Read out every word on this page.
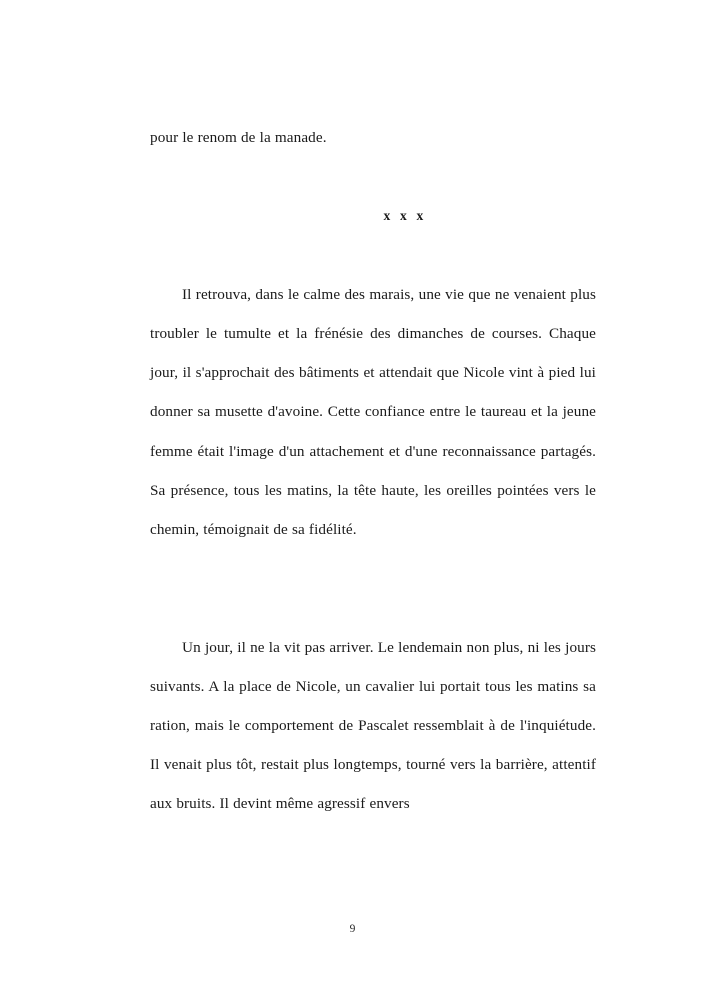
pour le renom de la manade.

x x x

Il retrouva, dans le calme des marais, une vie que ne venaient plus troubler le tumulte et la frénésie des dimanches de courses. Chaque jour, il s'approchait des bâtiments et attendait que Nicole vint à pied lui donner sa musette d'avoine. Cette confiance entre le taureau et la jeune femme était l'image d'un attachement et d'une reconnaissance partagés. Sa présence, tous les matins, la tête haute, les oreilles pointées vers le chemin, témoignait de sa fidélité.

Un jour, il ne la vit pas arriver. Le lendemain non plus, ni les jours suivants. A la place de Nicole, un cavalier lui portait tous les matins sa ration, mais le comportement de Pascalet ressemblait à de l'inquiétude. Il venait plus tôt, restait plus longtemps, tourné vers la barrière, attentif aux bruits. Il devint même agressif envers

9
